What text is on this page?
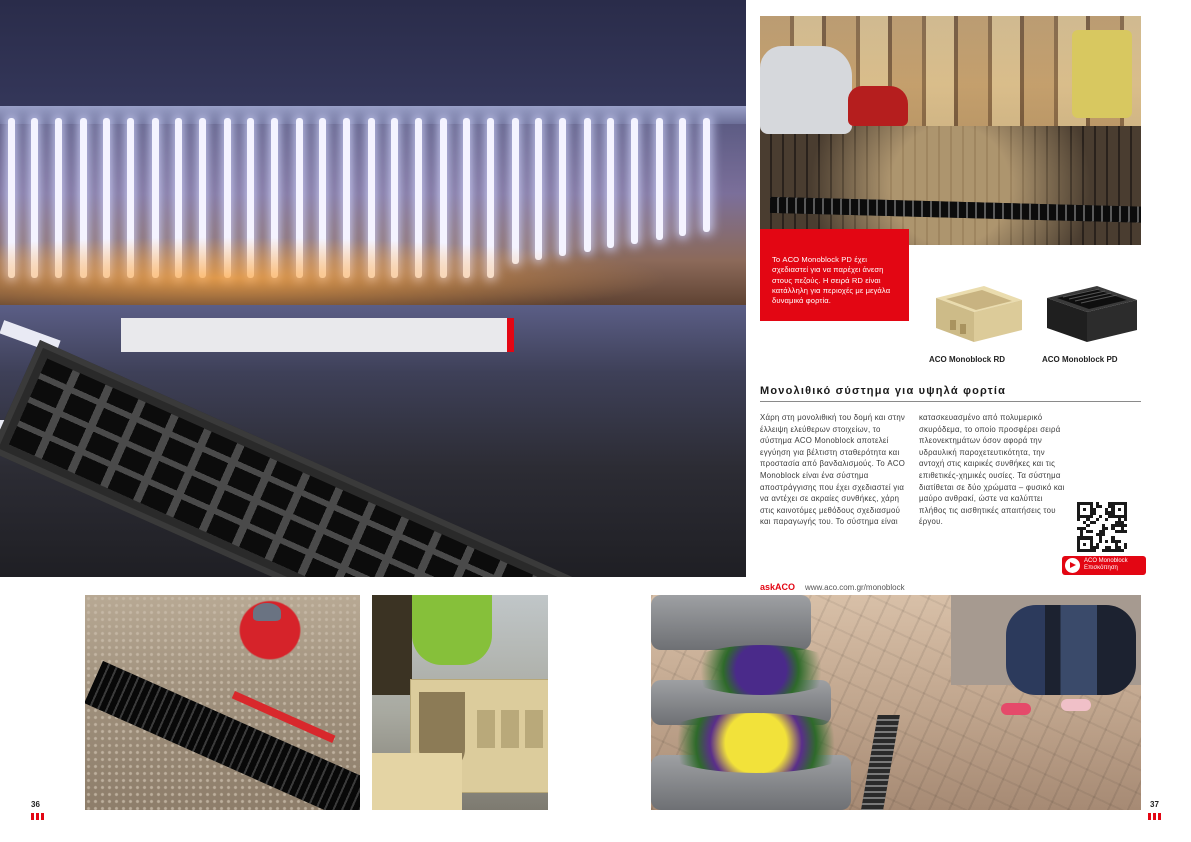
36

Το ACO Monoblock PD έχει σχεδιαστεί για να παρέχει άνεση στους πεζούς. Η σειρά RD είναι κατάλληλη για περιοχές με μεγάλα δυναμικά φορτία.

ACO Monoblock RD	ACO Monoblock PD
Μονολιθικό σύστημα για υψηλά φορτία

Χάρη στη μονολιθική του δομή και στην έλλειψη ελεύθερων στοιχείων, το σύστημα ACO Monoblock αποτελεί εγγύηση για βέλτιστη σταθερότητα και προστασία από βανδαλισμούς. Το ACO Monoblock είναι ένα σύστημα αποστράγγισης που έχει σχεδιαστεί για να αντέχει σε ακραίες συνθήκες, χάρη στις καινοτόμες μεθόδους σχεδιασμού και παραγωγής του. Το σύστημα είναι

κατασκευασμένο από πολυμερικό σκυρόδεμα, το οποίο προσφέρει σειρά πλεονεκτημάτων όσον αφορά την υδραυλική παροχετευτικότητα, την αντοχή στις καιρικές συνθήκες και τις επιθετικές-χημικές ουσίες. Τα σύστημα διατίθεται σε δύο χρώματα – φυσικό και μαύρο ανθρακί, ώστε να καλύπτει πλήθος τις αισθητικές απαιτήσεις του έργου.

ACO Monoblock
Επισκόπηση
askACO www.aco.com.gr/monoblock
37
